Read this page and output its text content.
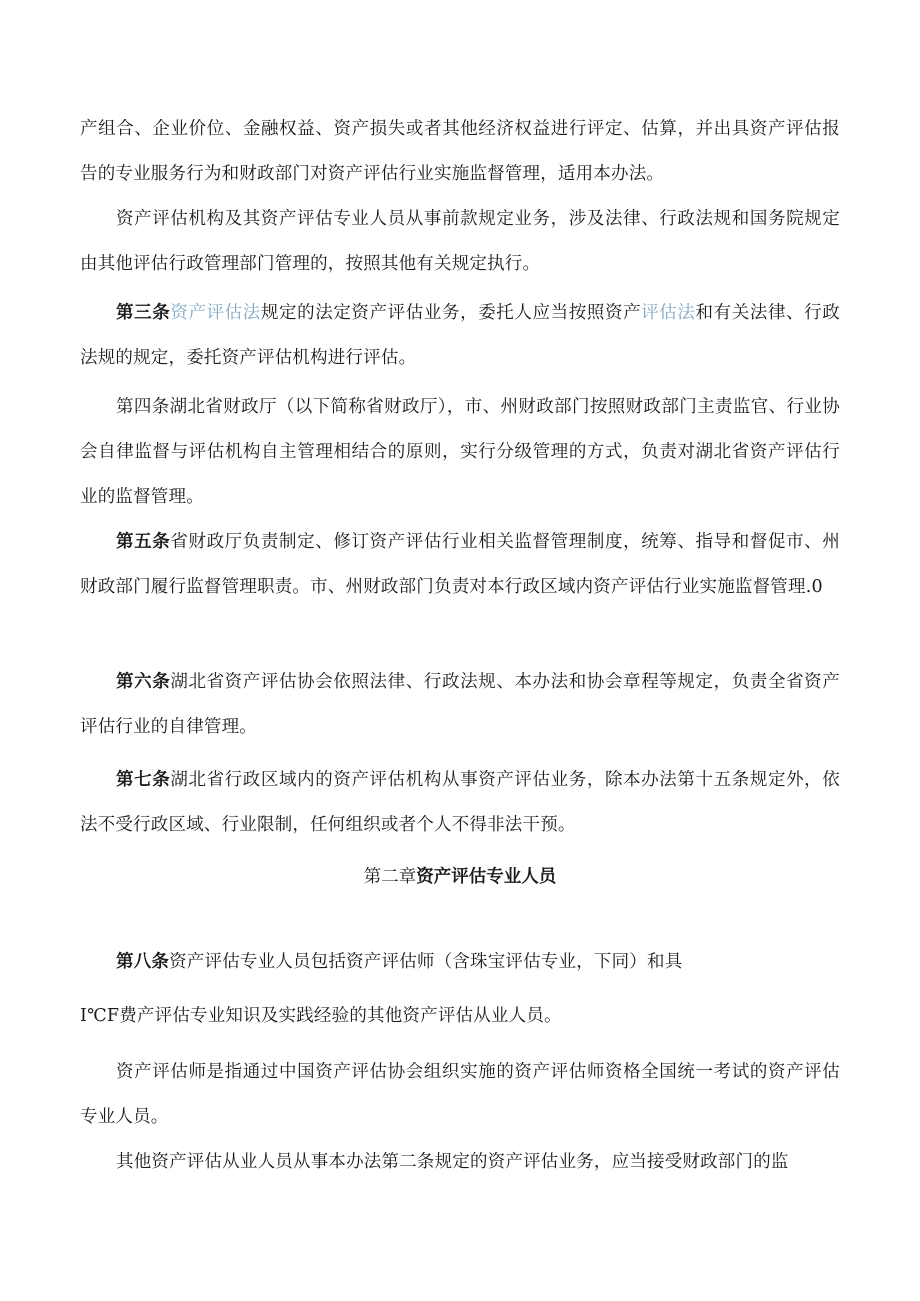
产组合、企业价位、金融权益、资产损失或者其他经济权益进行评定、估算，并出具资产评估报告的专业服务行为和财政部门对资产评估行业实施监督管理，适用本办法。

资产评估机构及其资产评估专业人员从事前款规定业务，涉及法律、行政法规和国务院规定由其他评估行政管理部门管理的，按照其他有关规定执行。

第三条资产评估法规定的法定资产评估业务，委托人应当按照资产评估法和有关法律、行政法规的规定，委托资产评估机构进行评估。

第四条湖北省财政厅（以下简称省财政厅），市、州财政部门按照财政部门主责监官、行业协会自律监督与评估机构自主管理相结合的原则，实行分级管理的方式，负责对湖北省资产评估行业的监督管理。

第五条省财政厅负责制定、修订资产评估行业相关监督管理制度，统筹、指导和督促市、州财政部门履行监督管理职责。市、州财政部门负责对本行政区域内资产评估行业实施监督管理.0

第六条湖北省资产评估协会依照法律、行政法规、本办法和协会章程等规定，负责全省资产评估行业的自律管理。

第七条湖北省行政区域内的资产评估机构从事资产评估业务，除本办法第十五条规定外，依法不受行政区域、行业限制，任何组织或者个人不得非法干预。

第二章资产评估专业人员

第八条资产评估专业人员包括资产评估师（含珠宝评估专业，下同）和具

I℃F费产评估专业知识及实践经验的其他资产评估从业人员。

资产评估师是指通过中国资产评估协会组织实施的资产评估师资格全国统一考试的资产评估专业人员。

其他资产评估从业人员从事本办法第二条规定的资产评估业务，应当接受财政部门的监
